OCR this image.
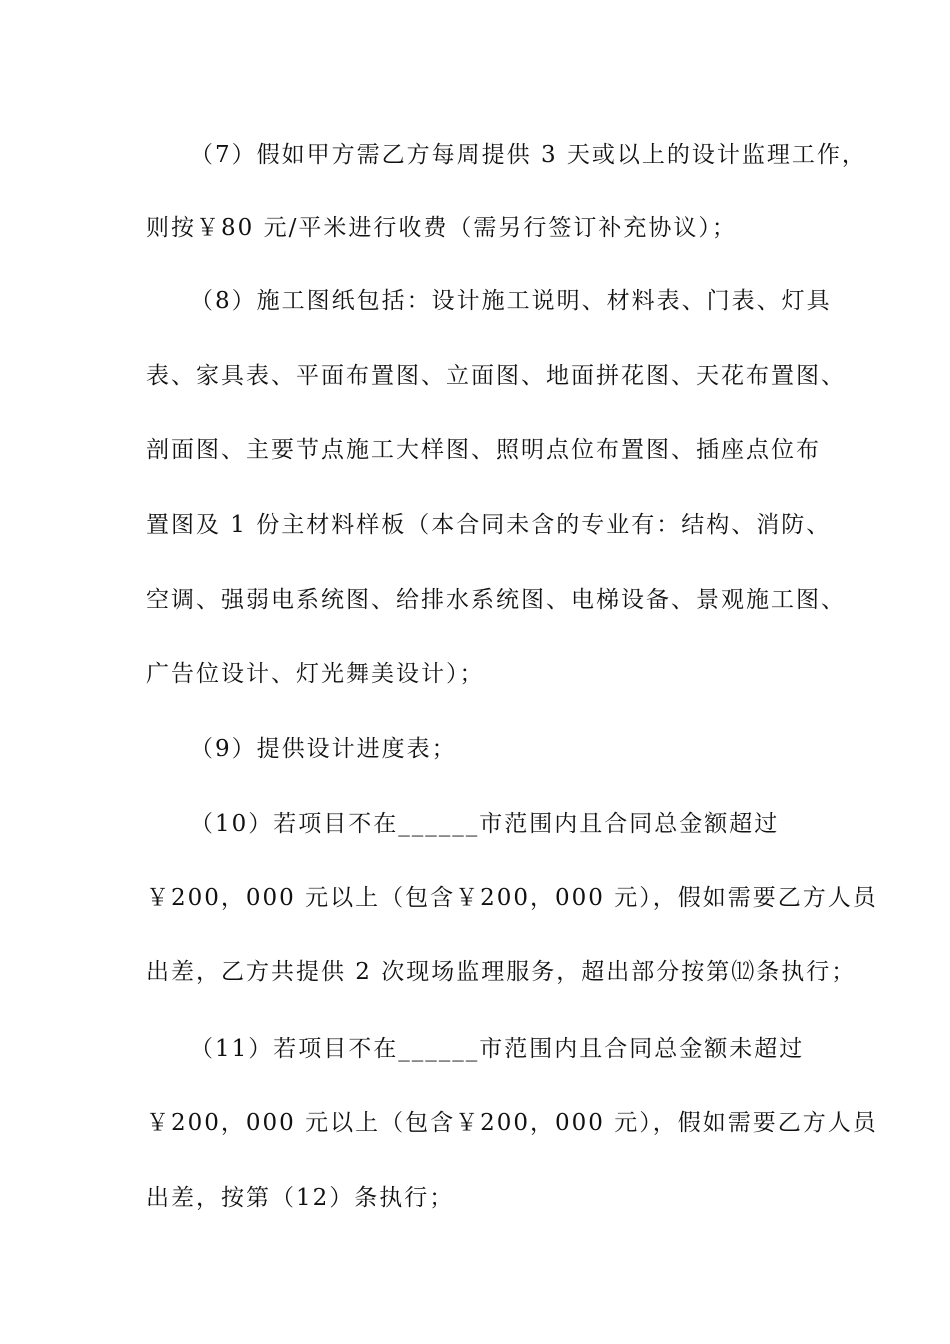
（7）假如甲方需乙方每周提供 3 天或以上的设计监理工作，
则按￥80 元/平米进行收费（需另行签订补充协议）；
（8）施工图纸包括：设计施工说明、材料表、门表、灯具
表、家具表、平面布置图、立面图、地面拼花图、天花布置图、
剖面图、主要节点施工大样图、照明点位布置图、插座点位布
置图及 1 份主材料样板（本合同未含的专业有：结构、消防、
空调、强弱电系统图、给排水系统图、电梯设备、景观施工图、
广告位设计、灯光舞美设计）；
（9）提供设计进度表；
（10）若项目不在______市范围内且合同总金额超过
￥200，000 元以上（包含￥200，000 元），假如需要乙方人员
出差，乙方共提供 2 次现场监理服务，超出部分按第⑿条执行；
（11）若项目不在______市范围内且合同总金额未超过
￥200，000 元以上（包含￥200，000 元），假如需要乙方人员
出差，按第（12）条执行；
